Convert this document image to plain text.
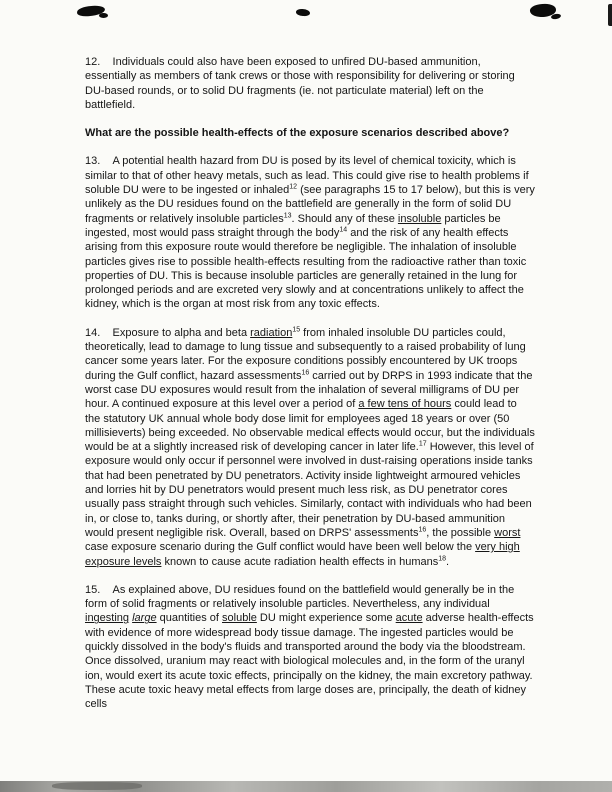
12.    Individuals could also have been exposed to unfired DU-based ammunition, essentially as members of tank crews or those with responsibility for delivering or storing DU-based rounds, or to solid DU fragments (ie. not particulate material) left on the battlefield.

What are the possible health-effects of the exposure scenarios described above?

13.    A potential health hazard from DU is posed by its level of chemical toxicity, which is similar to that of other heavy metals, such as lead. This could give rise to health problems if soluble DU were to be ingested or inhaled$^{12}$ (see paragraphs 15 to 17 below), but this is very unlikely as the DU residues found on the battlefield are generally in the form of solid DU fragments or relatively insoluble particles$^{13}$. Should any of these insoluble particles be ingested, most would pass straight through the body$^{14}$ and the risk of any health effects arising from this exposure route would therefore be negligible. The inhalation of insoluble particles gives rise to possible health-effects resulting from the radioactive rather than toxic properties of DU. This is because insoluble particles are generally retained in the lung for prolonged periods and are excreted very slowly and at concentrations unlikely to affect the kidney, which is the organ at most risk from any toxic effects.

14.    Exposure to alpha and beta radiation$^{15}$ from inhaled insoluble DU particles could, theoretically, lead to damage to lung tissue and subsequently to a raised probability of lung cancer some years later. For the exposure conditions possibly encountered by UK troops during the Gulf conflict, hazard assessments$^{16}$ carried out by DRPS in 1993 indicate that the worst case DU exposures would result from the inhalation of several milligrams of DU per hour. A continued exposure at this level over a period of a few tens of hours could lead to the statutory UK annual whole body dose limit for employees aged 18 years or over (50 millisieverts) being exceeded. No observable medical effects would occur, but the individuals would be at a slightly increased risk of developing cancer in later life.$^{17}$ However, this level of exposure would only occur if personnel were involved in dust-raising operations inside tanks that had been penetrated by DU penetrators. Activity inside lightweight armoured vehicles and lorries hit by DU penetrators would present much less risk, as DU penetrator cores usually pass straight through such vehicles. Similarly, contact with individuals who had been in, or close to, tanks during, or shortly after, their penetration by DU-based ammunition would present negligible risk. Overall, based on DRPS' assessments$^{16}$, the possible worst case exposure scenario during the Gulf conflict would have been well below the very high exposure levels known to cause acute radiation health effects in humans$^{18}$.

15.    As explained above, DU residues found on the battlefield would generally be in the form of solid fragments or relatively insoluble particles. Nevertheless, any individual ingesting large quantities of soluble DU might experience some acute adverse health-effects with evidence of more widespread body tissue damage. The ingested particles would be quickly dissolved in the body's fluids and transported around the body via the bloodstream. Once dissolved, uranium may react with biological molecules and, in the form of the uranyl ion, would exert its acute toxic effects, principally on the kidney, the main excretory pathway. These acute toxic heavy metal effects from large doses are, principally, the death of kidney cells
